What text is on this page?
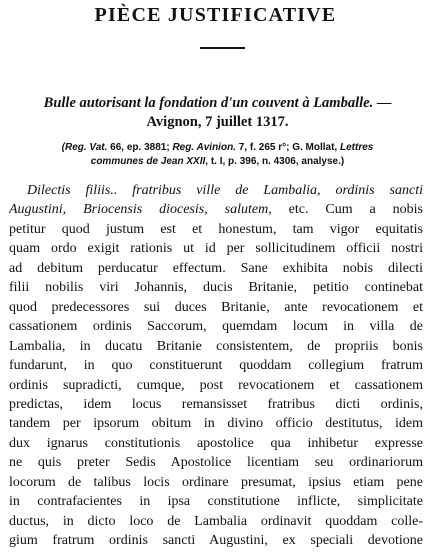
PIÈCE JUSTIFICATIVE
Bulle autorisant la fondation d'un couvent à Lamballe. —
Avignon, 7 juillet 1317.
(Reg. Vat. 66, ep. 3881; Reg. Avinion. 7, f. 265 r°; G. Mollat, Lettres
communes de Jean XXII, t. I, p. 396, n. 4306, analyse.)
Dilectis filiis.. fratribus ville de Lambalia, ordinis sancti
Augustini, Briocensis diocesis, salutem, etc. Cum a nobis
petitur quod justum est et honestum, tam vigor equitatis
quam ordo exigit rationis ut id per sollicitudinem officii nostri
ad debitum perducatur effectum. Sane exhibita nobis dilecti
filii nobilis viri Johannis, ducis Britanie, petitio continebat
quod predecessores sui duces Britanie, ante revocationem et
cassationem ordinis Saccorum, quemdam locum in villa de
Lambalia, in ducatu Britanie consistentem, de propriis bonis
fundarunt, in quo constituerunt quoddam collegium fratrum
ordinis supradicti, cumque, post revocationem et cassationem
predictas, idem locus remansisset fratribus dicti ordinis,
tandem per ipsorum obitum in divino officio destitutus, idem
dux ignarus constitutionis apostolice qua inhibetur expresse
ne quis preter Sedis Apostolice licentiam seu ordinariorum
locorum de talibus locis ordinare presumat, ipsius etiam pene
in contrafacientes in ipsa constitutione inflicte, simplicitate
ductus, in dicto loco de Lambalia ordinavit quoddam colle-
gium fratrum ordinis sancti Augustini, ex speciali devotione
